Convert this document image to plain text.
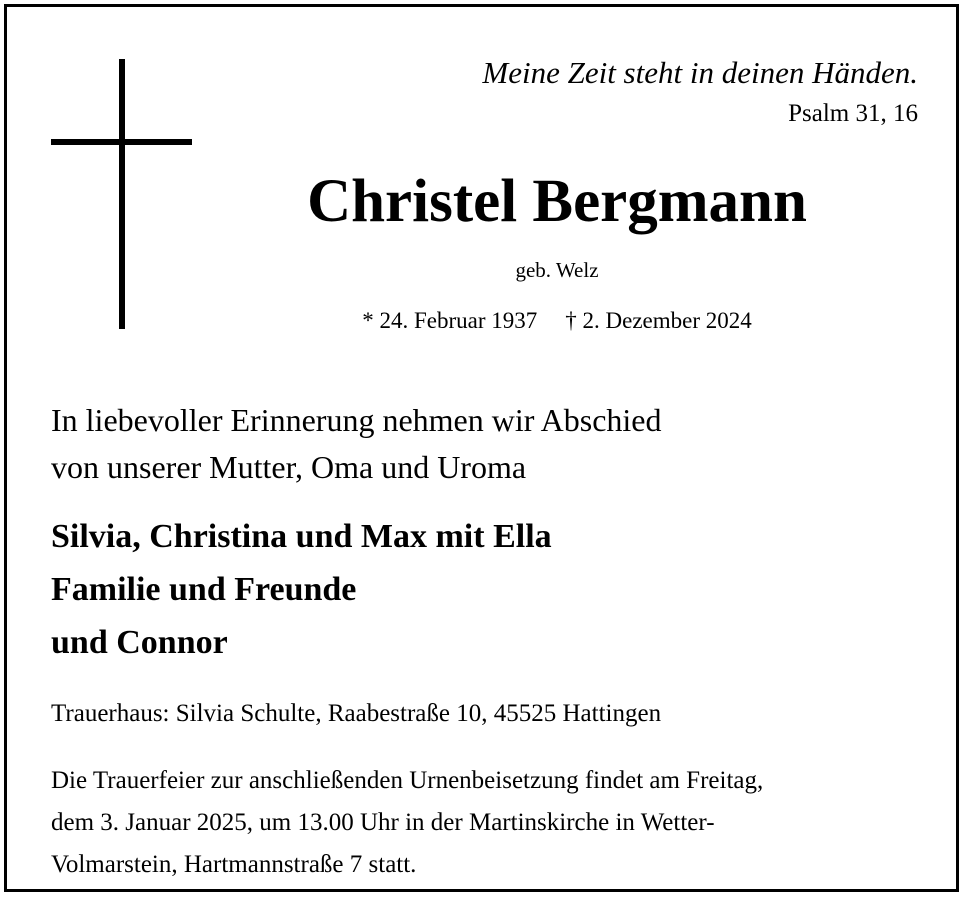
Meine Zeit steht in deinen Händen.
Psalm 31, 16
Christel Bergmann
geb. Welz
* 24. Februar 1937 † 2. Dezember 2024
In liebevoller Erinnerung nehmen wir Abschied
von unserer Mutter, Oma und Uroma
Silvia, Christina und Max mit Ella
Familie und Freunde
und Connor
Trauerhaus: Silvia Schulte, Raabestraße 10, 45525 Hattingen
Die Trauerfeier zur anschließenden Urnenbeisetzung findet am Freitag,
dem 3. Januar 2025, um 13.00 Uhr in der Martinskirche in Wetter-
Volmarstein, Hartmannstraße 7 statt.
